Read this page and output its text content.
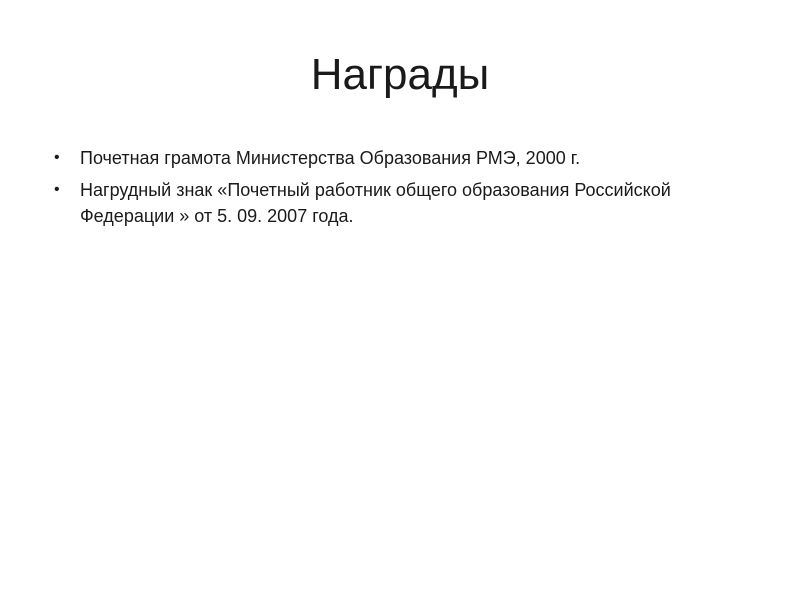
Награды
•	Почетная грамота Министерства Образования РМЭ, 2000 г.
•	Нагрудный знак «Почетный работник общего образования Российской Федерации » от 5. 09. 2007 года.
